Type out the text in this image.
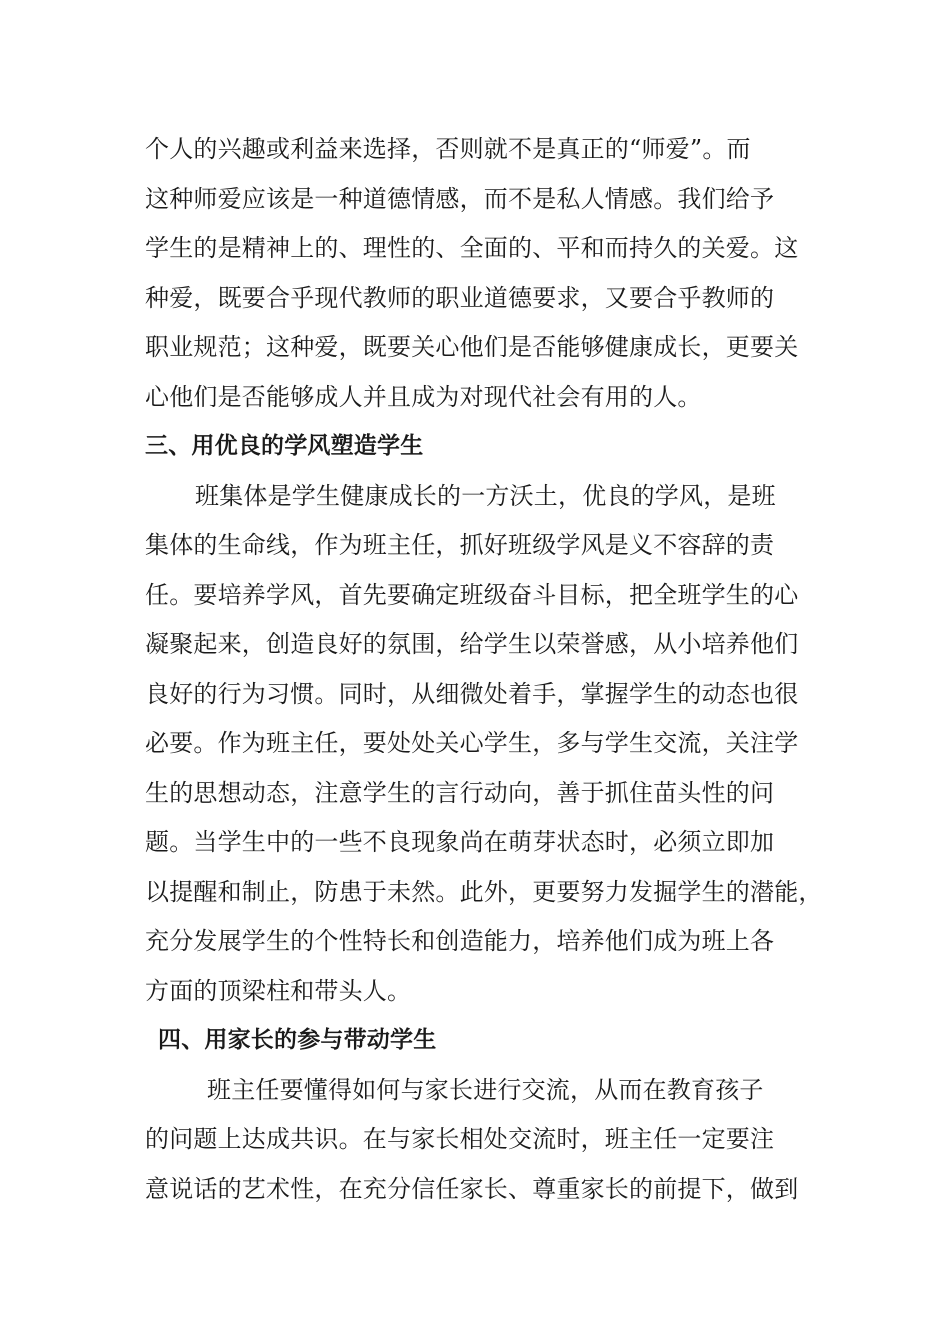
个人的兴趣或利益来选择，否则就不是真正的“师爱”。而
这种师爱应该是一种道德情感，而不是私人情感。我们给予
学生的是精神上的、理性的、全面的、平和而持久的关爱。这
种爱，既要合乎现代教师的职业道德要求，又要合乎教师的
职业规范；这种爱，既要关心他们是否能够健康成长，更要关
心他们是否能够成人并且成为对现代社会有用的人。
三、用优良的学风塑造学生
班集体是学生健康成长的一方沃土，优良的学风，是班
集体的生命线，作为班主任，抓好班级学风是义不容辞的责
任。要培养学风，首先要确定班级奋斗目标，把全班学生的心
凝聚起来，创造良好的氛围，给学生以荣誉感，从小培养他们
良好的行为习惯。同时，从细微处着手，掌握学生的动态也很
必要。作为班主任，要处处关心学生，多与学生交流，关注学
生的思想动态，注意学生的言行动向，善于抓住苗头性的问
题。当学生中的一些不良现象尚在萌芽状态时，必须立即加
以提醒和制止，防患于未然。此外，更要努力发掘学生的潜能，
充分发展学生的个性特长和创造能力，培养他们成为班上各
方面的顶梁柱和带头人。
四、用家长的参与带动学生
班主任要懂得如何与家长进行交流，从而在教育孩子
的问题上达成共识。在与家长相处交流时，班主任一定要注
意说话的艺术性，在充分信任家长、尊重家长的前提下，做到
